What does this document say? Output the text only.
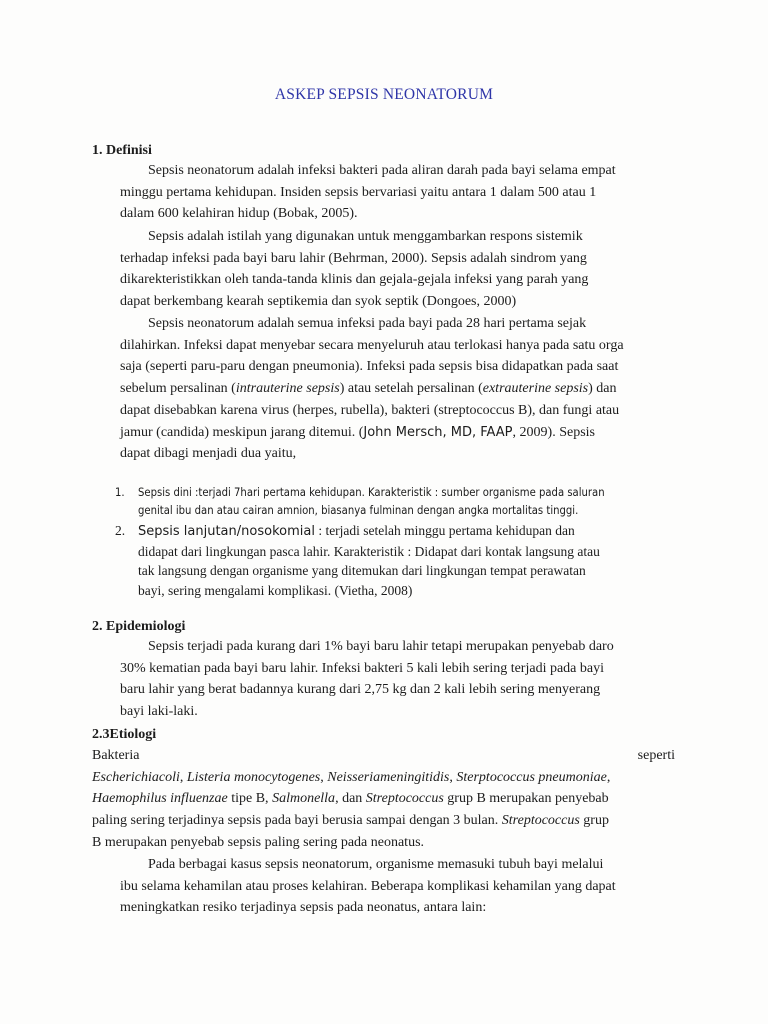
ASKEP SEPSIS NEONATORUM
1. Definisi
Sepsis neonatorum adalah infeksi bakteri pada aliran darah pada bayi selama empat
minggu pertama kehidupan. Insiden sepsis bervariasi yaitu antara 1 dalam 500 atau 1
dalam 600 kelahiran hidup (Bobak, 2005).
Sepsis adalah istilah yang digunakan untuk menggambarkan respons sistemik
terhadap infeksi pada bayi baru lahir (Behrman, 2000). Sepsis adalah sindrom yang
dikarekteristikkan oleh tanda-tanda klinis dan gejala-gejala infeksi yang parah yang
dapat berkembang kearah septikemia dan syok septik (Dongoes, 2000)
Sepsis neonatorum adalah semua infeksi pada bayi pada 28 hari pertama sejak
dilahirkan. Infeksi dapat menyebar secara menyeluruh atau terlokasi hanya pada satu orga
saja (seperti paru-paru dengan pneumonia). Infeksi pada sepsis bisa didapatkan pada saat
sebelum persalinan (intrauterine sepsis) atau setelah persalinan (extrauterine sepsis) dan
dapat disebabkan karena virus (herpes, rubella), bakteri (streptococcus B), dan fungi atau
jamur (candida) meskipun jarang ditemui. (John Mersch, MD, FAAP, 2009). Sepsis
dapat dibagi menjadi dua yaitu,
1.	Sepsis dini :terjadi 7hari pertama kehidupan. Karakteristik : sumber organisme pada saluran
genital ibu dan atau cairan amnion, biasanya fulminan dengan angka mortalitas tinggi.
2. Sepsis lanjutan/nosokomial : terjadi setelah minggu pertama kehidupan dan
didapat dari lingkungan pasca lahir. Karakteristik : Didapat dari kontak langsung atau
tak langsung dengan organisme yang ditemukan dari lingkungan tempat perawatan
bayi, sering mengalami komplikasi. (Vietha, 2008)
2. Epidemiologi
Sepsis terjadi pada kurang dari 1% bayi baru lahir tetapi merupakan penyebab daro
30% kematian pada bayi baru lahir. Infeksi bakteri 5 kali lebih sering terjadi pada bayi
baru lahir yang berat badannya kurang dari 2,75 kg dan 2 kali lebih sering menyerang
bayi laki-laki.
2.3Etiologi
Bakteria	seperti
Escherichiacoli, Listeria monocytogenes, Neisseriameningitidis, Sterptococcus pneumoniae,
Haemophilus influenzae tipe B, Salmonella, dan Streptococcus grup B merupakan penyebab
paling sering terjadinya sepsis pada bayi berusia sampai dengan 3 bulan. Streptococcus grup
B merupakan penyebab sepsis paling sering pada neonatus.
Pada berbagai kasus sepsis neonatorum, organisme memasuki tubuh bayi melalui
ibu selama kehamilan atau proses kelahiran. Beberapa komplikasi kehamilan yang dapat
meningkatkan resiko terjadinya sepsis pada neonatus, antara lain:
